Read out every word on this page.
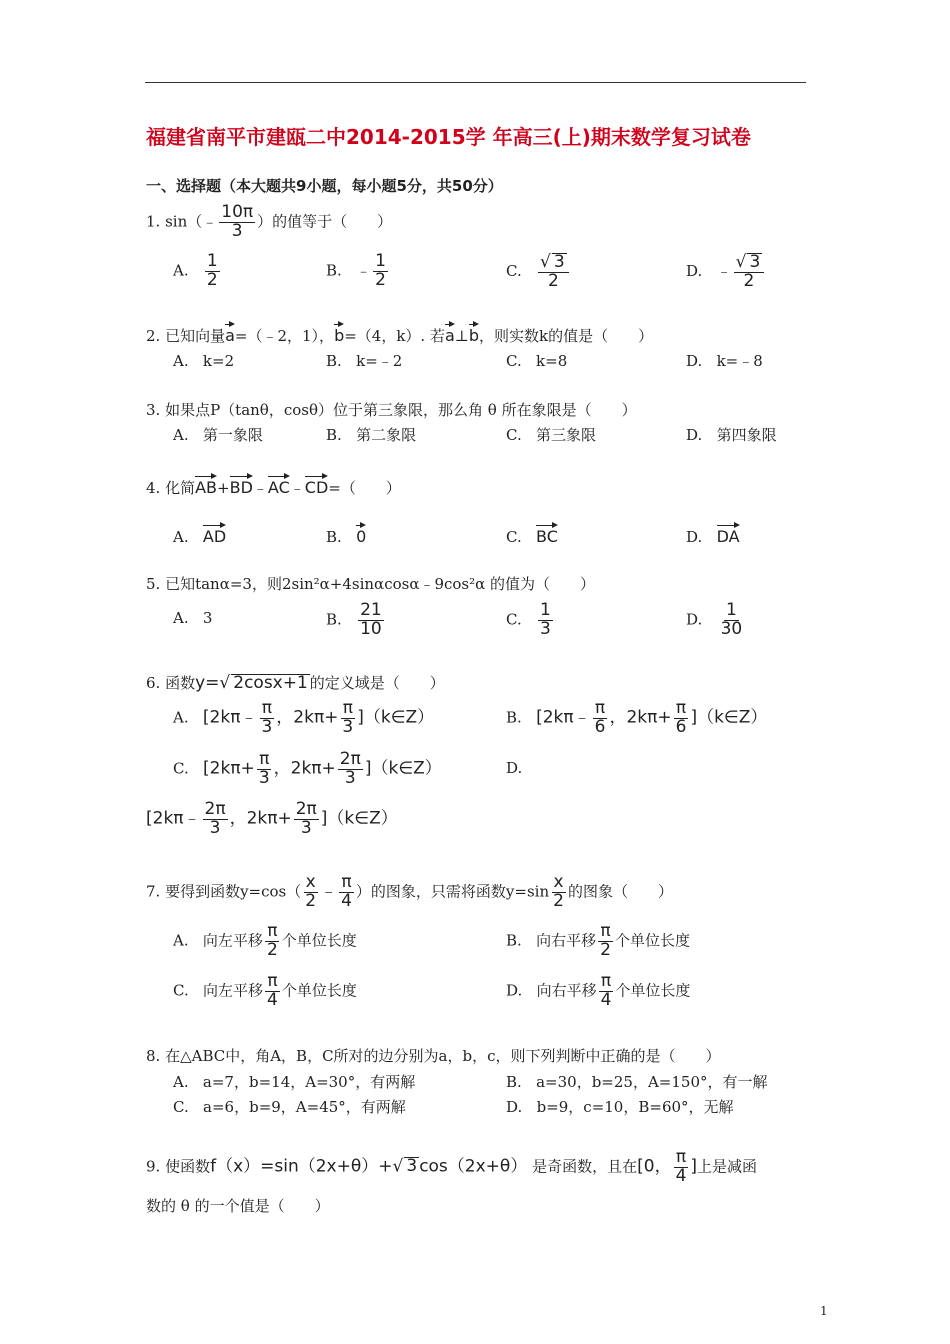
福建省南平市建瓯二中2014-2015学 年高三(上)期末数学复习试卷
一、选择题（本大题共9小题，每小题5分，共50分）
1. sin（﹣ $\frac{10\pi}{3}$ ）的值等于（　　）
A. $\frac{1}{2}$	B. ﹣ $\frac{1}{2}$	C. $\frac{√ 3}{2}$	D. ﹣ $\frac{√ 3}{2}$
2. 已知向量a=（﹣2，1），b=（4，k）. 若a⊥b，则实数k的值是（　　）
A. k=2	B. k=﹣2	C. k=8	D. k=﹣8
3. 如果点P（tanθ，cosθ）位于第三象限，那么角 θ 所在象限是（　　）
A. 第一象限	B. 第二象限	C. 第三象限	D. 第四象限
4. 化简AB+BD﹣AC﹣CD=（　　）
A. AD	B. 0	C. BC	D. DA
5. 已知tanα=3，则2sin²α+4sinαcosα﹣9cos²α 的值为（　　）
A. 3	B. $\frac{21}{10}$	C. $\frac{1}{3}$	D. $\frac{1}{30}$
6. 函数y=√ 2cosx+1 的定义域是（　　）
A. [2kπ﹣ $\frac{\pi}{3}$ ，$2k\pi+ \frac{\pi}{3}$ ]（k∈Z）	B. [2kπ﹣ $\frac{\pi}{6}$ ，$2k\pi+ \frac{\pi}{6}$ ]（k∈Z）
C. [$2k\pi+ \frac{\pi}{3}$ ，$2k\pi+ \frac{2\pi}{3}$ ]（k∈Z）	D.
[2kπ﹣ $\frac{2\pi}{3}$ ，$2k\pi+ \frac{2\pi}{3}$ ]（k∈Z）
7. 要得到函数$y=\cos( \frac{x}{2}$ ﹣ $\frac{\pi}{4}$ ）的图象，只需将函数$y=\sin \frac{x}{2}$ 的图象（　　）
A. 向左平移 $\frac{\pi}{2}$ 个单位长度	B. 向右平移 $\frac{\pi}{2}$ 个单位长度
C. 向左平移 $\frac{\pi}{4}$ 个单位长度	D. 向右平移 $\frac{\pi}{4}$ 个单位长度
8. 在△ABC中，角A，B，C所对的边分别为a，b，c，则下列判断中正确的是（　　）
A. a=7，b=14，A=30°，有两解	B. a=30，b=25，A=150°，有一解
C. a=6，b=9，A=45°，有两解	D. b=9，c=10，B=60°，无解
9. 使函数f（x）=sin（2x+θ）+√ 3 cos（2x+θ） 是奇函数，且在[0， $\frac{\pi}{4}$ ]上是减函
数的 θ 的一个值是（　　）
1
